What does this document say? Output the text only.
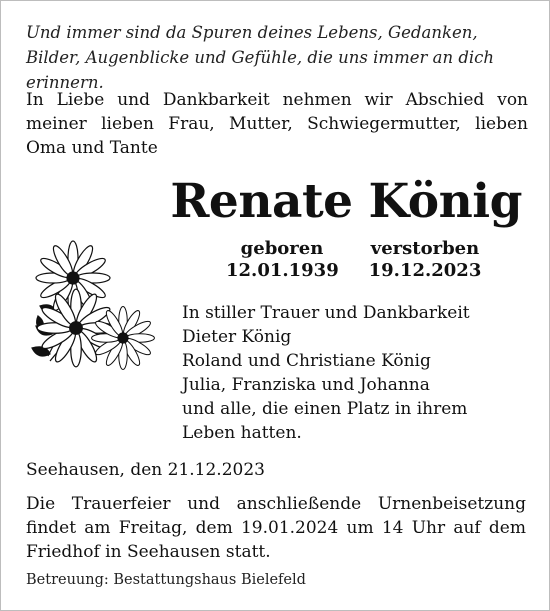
Und immer sind da Spuren deines Lebens, Gedanken, Bilder, Augenblicke und Gefühle, die uns immer an dich erinnern.
In Liebe und Dankbarkeit nehmen wir Abschied von meiner lieben Frau, Mutter, Schwiegermutter, lieben Oma und Tante
Renate König
geboren
12.01.1939
verstorben
19.12.2023
In stiller Trauer und Dankbarkeit
Dieter König
Roland und Christiane König
Julia, Franziska und Johanna
und alle, die einen Platz in ihrem
Leben hatten.
Seehausen, den 21.12.2023
Die Trauerfeier und anschließende Urnenbeisetzung findet am Freitag, dem 19.01.2024 um 14 Uhr auf dem Friedhof in Seehausen statt.
Betreuung: Bestattungshaus Bielefeld
